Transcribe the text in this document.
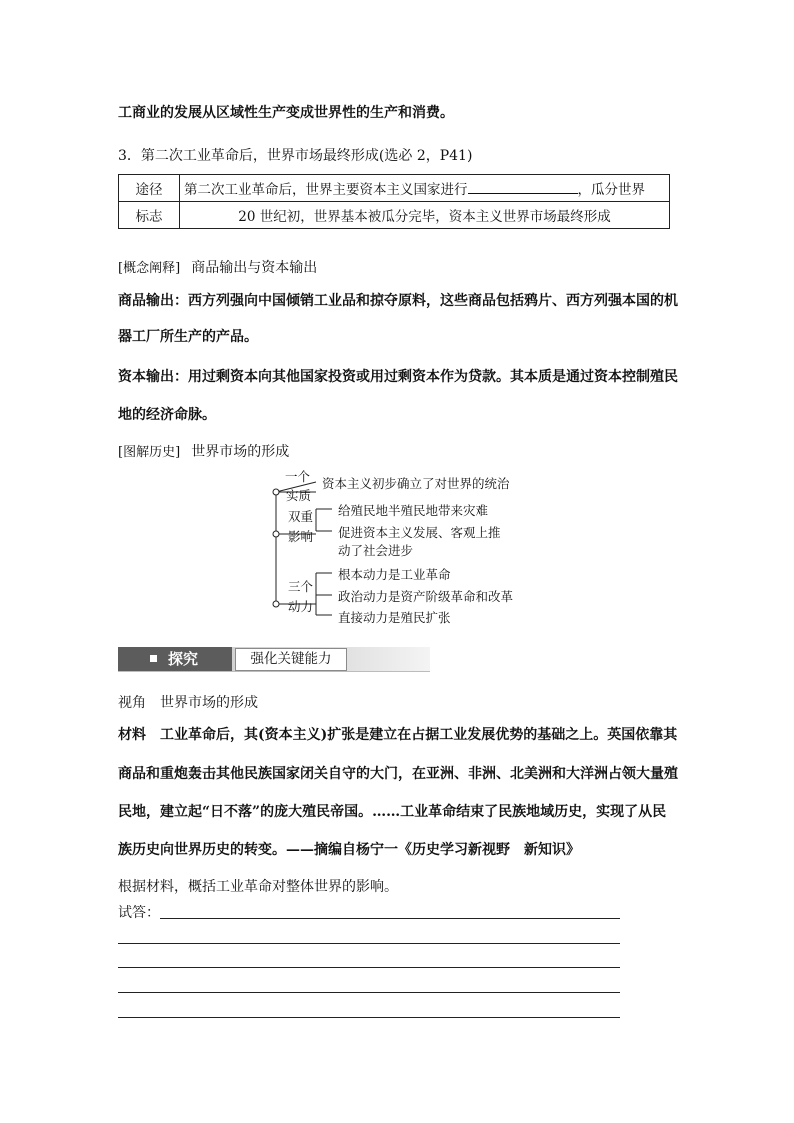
工商业的发展从区域性生产变成世界性的生产和消费。
3．第二次工业革命后，世界市场最终形成(选必 2，P41)
途径	第二次工业革命后，世界主要资本主义国家进行 ，瓜分世界
标志	20 世纪初，世界基本被瓜分完毕，资本主义世界市场最终形成
[概念阐释] 商品输出与资本输出
商品输出：西方列强向中国倾销工业品和掠夺原料，这些商品包括鸦片、西方列强本国的机
器工厂所生产的产品。
资本输出：用过剩资本向其他国家投资或用过剩资本作为贷款。其本质是通过资本控制殖民
地的经济命脉。
[图解历史] 世界市场的形成
一个
实质
资本主义初步确立了对世界的统治
双重
影响
给殖民地半殖民地带来灾难
促进资本主义发展、客观上推
动了社会进步
三个
动力
根本动力是工业革命
政治动力是资产阶级革命和改革
直接动力是殖民扩张
探究	强化关键能力
视角　世界市场的形成
材料　工业革命后，其(资本主义)扩张是建立在占据工业发展优势的基础之上。英国依靠其
商品和重炮轰击其他民族国家闭关自守的大门，在亚洲、非洲、北美洲和大洋洲占领大量殖
民地，建立起“日不落”的庞大殖民帝国。……工业革命结束了民族地域历史，实现了从民
族历史向世界历史的转变。——摘编自杨宁一《历史学习新视野　新知识》
根据材料，概括工业革命对整体世界的影响。
试答：
